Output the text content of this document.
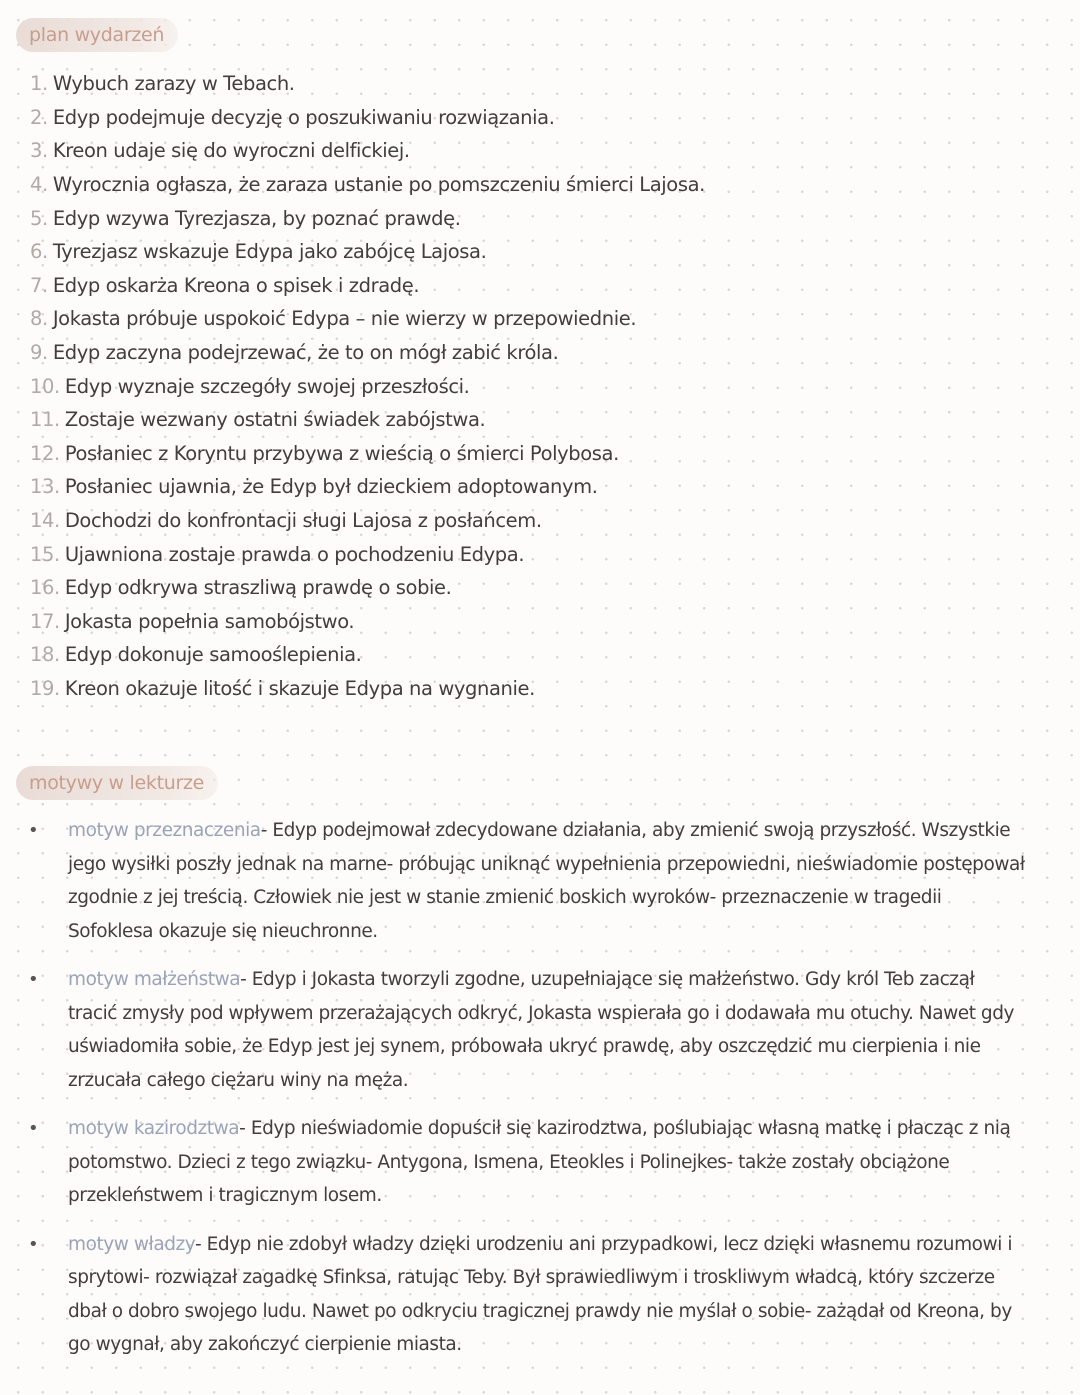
plan wydarzeń
1. Wybuch zarazy w Tebach.
2. Edyp podejmuje decyzję o poszukiwaniu rozwiązania.
3. Kreon udaje się do wyroczni delfickiej.
4. Wyrocznia ogłasza, że zaraza ustanie po pomszczeniu śmierci Lajosa.
5. Edyp wzywa Tyrezjasza, by poznać prawdę.
6. Tyrezjasz wskazuje Edypa jako zabójcę Lajosa.
7. Edyp oskarża Kreona o spisek i zdradę.
8. Jokasta próbuje uspokoić Edypa – nie wierzy w przepowiednie.
9. Edyp zaczyna podejrzewać, że to on mógł zabić króla.
10. Edyp wyznaje szczegóły swojej przeszłości.
11. Zostaje wezwany ostatni świadek zabójstwa.
12. Posłaniec z Koryntu przybywa z wieścią o śmierci Polybosa.
13. Posłaniec ujawnia, że Edyp był dzieckiem adoptowanym.
14. Dochodzi do konfrontacji sługi Lajosa z posłańcem.
15. Ujawniona zostaje prawda o pochodzeniu Edypa.
16. Edyp odkrywa straszliwą prawdę o sobie.
17. Jokasta popełnia samobójstwo.
18. Edyp dokonuje samooślepienia.
19. Kreon okazuje litość i skazuje Edypa na wygnanie.
motywy w lekturze
• motyw przeznaczenia- Edyp podejmował zdecydowane działania, aby zmienić swoją przyszłość. Wszystkie jego wysiłki poszły jednak na marne- próbując uniknąć wypełnienia przepowiedni, nieświadomie postępował zgodnie z jej treścią. Człowiek nie jest w stanie zmienić boskich wyroków- przeznaczenie w tragedii Sofoklesa okazuje się nieuchronne.
• motyw małżeństwa- Edyp i Jokasta tworzyli zgodne, uzupełniające się małżeństwo. Gdy król Teb zaczął tracić zmysły pod wpływem przerażających odkryć, Jokasta wspierała go i dodawała mu otuchy. Nawet gdy uświadomiła sobie, że Edyp jest jej synem, próbowała ukryć prawdę, aby oszczędzić mu cierpienia i nie zrzucała całego ciężaru winy na męża.
• motyw kazirodztwa- Edyp nieświadomie dopuścił się kazirodztwa, poślubiając własną matkę i płacząc z nią potomstwo. Dzieci z tego związku- Antygona, Ismena, Eteokles i Polinejkes- także zostały obciążone przekleństwem i tragicznym losem.
• motyw władzy- Edyp nie zdobył władzy dzięki urodzeniu ani przypadkowi, lecz dzięki własnemu rozumowi i sprytowi- rozwiązał zagadkę Sfinksa, ratując Teby. Był sprawiedliwym i troskliwym władcą, który szczerze dbał o dobro swojego ludu. Nawet po odkryciu tragicznej prawdy nie myślał o sobie- zażądał od Kreona, by go wygnał, aby zakończyć cierpienie miasta.
